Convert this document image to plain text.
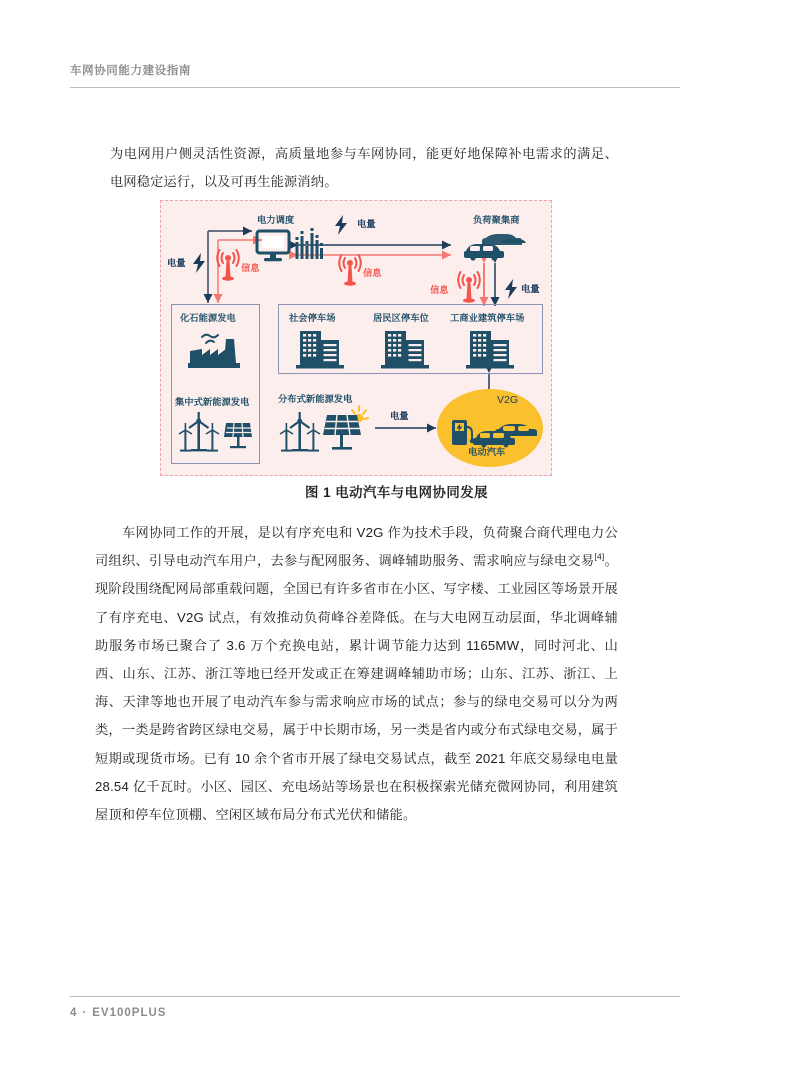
车网协同能力建设指南
为电网用户侧灵活性资源，高质量地参与车网协同，能更好地保障补电需求的满足、电网稳定运行，以及可再生能源消纳。
电力调度	负荷聚集商
电量	信息
电量
信息
信息	电量
化石能源发电
集中式新能源发电	分布式新能源发电
电量
社会停车场	居民区停车位 工商业建筑停车场
V2G
电动汽车
图 1 电动汽车与电网协同发展
车网协同工作的开展，是以有序充电和 V2G 作为技术手段，负荷聚合商代理电力公司组织、引导电动汽车用户，去参与配网服务、调峰辅助服务、需求响应与绿电交易[4]。现阶段围绕配网局部重载问题，全国已有许多省市在小区、写字楼、工业园区等场景开展了有序充电、V2G 试点，有效推动负荷峰谷差降低。在与大电网互动层面，华北调峰辅助服务市场已聚合了 3.6 万个充换电站，累计调节能力达到 1165MW，同时河北、山西、山东、江苏、浙江等地已经开发或正在筹建调峰辅助市场；山东、江苏、浙江、上海、天津等地也开展了电动汽车参与需求响应市场的试点；参与的绿电交易可以分为两类，一类是跨省跨区绿电交易，属于中长期市场，另一类是省内或分布式绿电交易，属于短期或现货市场。已有 10 余个省市开展了绿电交易试点，截至 2021 年底交易绿电电量 28.54 亿千瓦时。小区、园区、充电场站等场景也在积极探索光储充微网协同，利用建筑屋顶和停车位顶棚、空闲区域布局分布式光伏和储能。
4 · EV100PLUS
